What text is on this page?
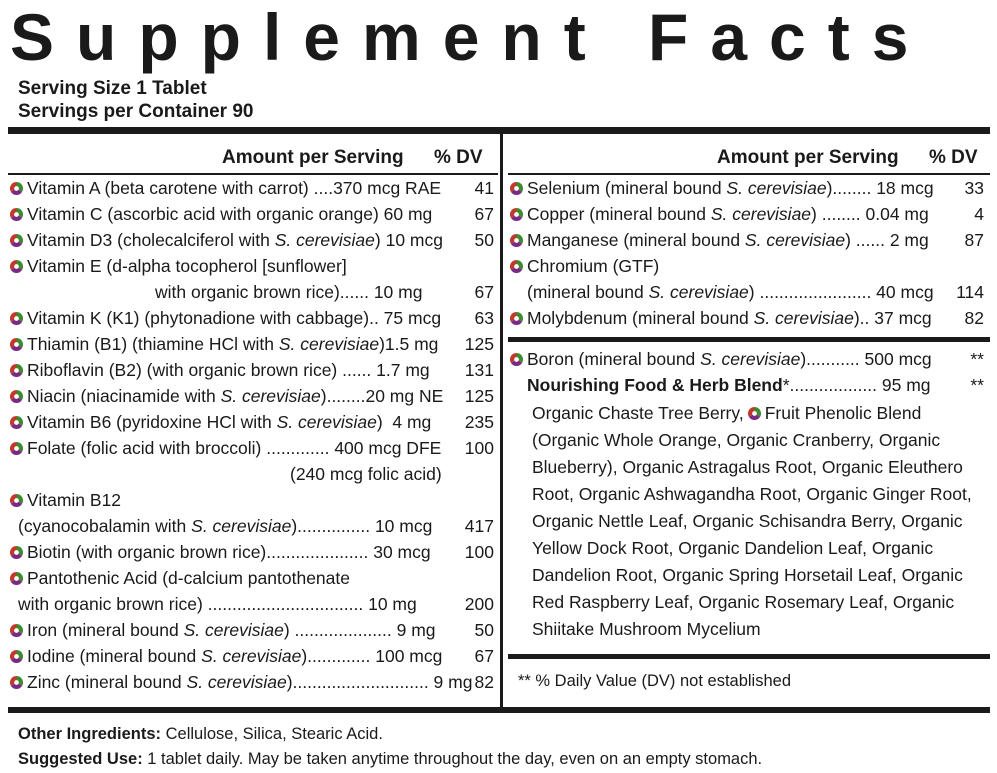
Supplement Facts
Serving Size 1 Tablet
Servings per Container 90
Amount per Serving % DV
Vitamin A (beta carotene with carrot) ....370 mcg RAE 41
Vitamin C (ascorbic acid with organic orange) 60 mg 67
Vitamin D3 (cholecalciferol with S. cerevisiae) 10 mcg 50
Vitamin E (d-alpha tocopherol [sunflower]
with organic brown rice)...... 10 mg	67
Vitamin K (K1) (phytonadione with cabbage).. 75 mcg 63
Thiamin (B1) (thiamine HCl with S. cerevisiae)1.5 mg 125
Riboflavin (B2) (with organic brown rice) ...... 1.7 mg 131
Niacin (niacinamide with S. cerevisiae)........20 mg NE 125
Vitamin B6 (pyridoxine HCl with S. cerevisiae)  4 mg 235
Folate (folic acid with broccoli) ............. 400 mcg DFE 100
(240 mcg folic acid)
Vitamin B12
(cyanocobalamin with S. cerevisiae)............... 10 mcg 417
Biotin (with organic brown rice)..................... 30 mcg 100
Pantothenic Acid (d-calcium pantothenate
with organic brown rice) ................................ 10 mg	200
Iron (mineral bound S. cerevisiae) .................... 9 mg 50
Iodine (mineral bound S. cerevisiae)............. 100 mcg 67
Zinc (mineral bound S. cerevisiae)............................ 9 mg 82
Amount per Serving % DV
Selenium (mineral bound S. cerevisiae)........ 18 mcg 33
Copper (mineral bound S. cerevisiae) ........ 0.04 mg	4
Manganese (mineral bound S. cerevisiae) ...... 2 mg 87
Chromium (GTF)
(mineral bound S. cerevisiae) ....................... 40 mcg 114
Molybdenum (mineral bound S. cerevisiae).. 37 mcg 82
Boron (mineral bound S. cerevisiae)........... 500 mcg **
Nourishing Food & Herb Blend *.................. 95 mg **
Organic Chaste Tree Berry, Fruit Phenolic Blend
(Organic Whole Orange, Organic Cranberry, Organic
Blueberry), Organic Astragalus Root, Organic Eleuthero
Root, Organic Ashwagandha Root, Organic Ginger Root,
Organic Nettle Leaf, Organic Schisandra Berry, Organic
Yellow Dock Root, Organic Dandelion Leaf, Organic
Dandelion Root, Organic Spring Horsetail Leaf, Organic
Red Raspberry Leaf, Organic Rosemary Leaf, Organic
Shiitake Mushroom Mycelium
** % Daily Value (DV) not established
Other Ingredients: Cellulose, Silica, Stearic Acid.
Suggested Use: 1 tablet daily. May be taken anytime throughout the day, even on an empty stomach.
